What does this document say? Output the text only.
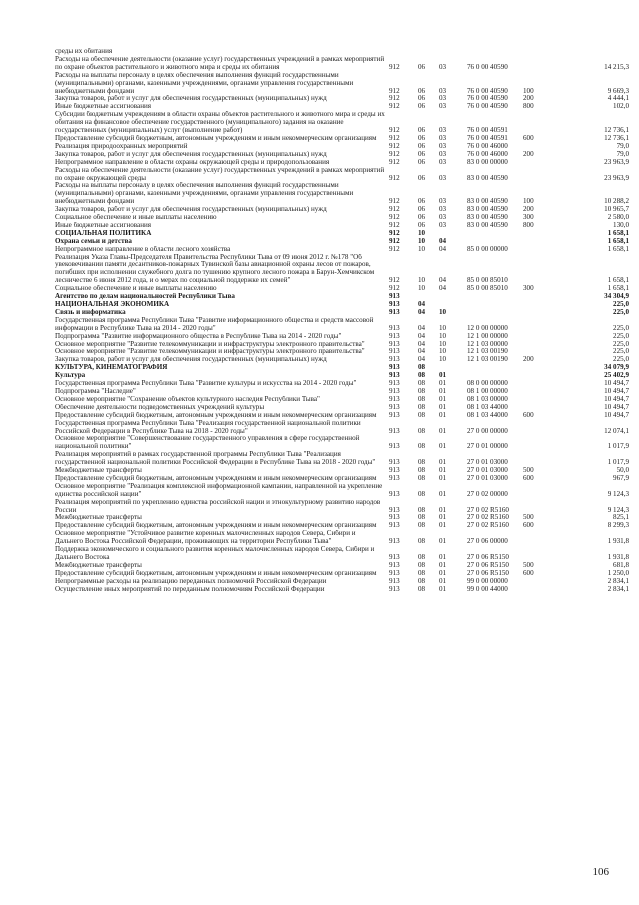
среды их обитания						
Расходы на обеспечение деятельности (оказание услуг) государственных учреждений в рамках мероприятий по охране объектов растительного и животного мира и среды их обитания	912	06	03	76 0 00 40590		14 215,3
Расходы на выплаты персоналу в целях обеспечения выполнения функций государственными (муниципальными) органами, казенными учреждениями, органами управления государственными внебюджетными фондами	912	06	03	76 0 00 40590	100	9 669,3
Закупка товаров, работ и услуг для обеспечения государственных (муниципальных) нужд	912	06	03	76 0 00 40590	200	4 444,1
Иные бюджетные ассигнования	912	06	03	76 0 00 40590	800	102,0
Субсидии бюджетным учреждениям в области охраны объектов растительного и животного мира и среды их обитания на финансовое обеспечение государственного (муниципального) задания на оказание государственных (муниципальных) услуг (выполнение работ)	912	06	03	76 0 00 40591		12 736,1
Предоставление субсидий бюджетным, автономным учреждениям и иным некоммерческим организациям	912	06	03	76 0 00 40591	600	12 736,1
Реализация природоохранных мероприятий	912	06	03	76 0 00 46000		79,0
Закупка товаров, работ и услуг для обеспечения государственных (муниципальных) нужд	912	06	03	76 0 00 46000	200	79,0
Непрограммное направление в области охраны окружающей среды и природопользования	912	06	03	83 0 00 00000		23 963,9
Расходы на обеспечение деятельности (оказание услуг) государственных учреждений в рамках мероприятий по охране окружающей среды	912	06	03	83 0 00 40590		23 963,9
Расходы на выплаты персоналу в целях обеспечения выполнения функций государственными (муниципальными) органами, казенными учреждениями, органами управления государственными внебюджетными фондами	912	06	03	83 0 00 40590	100	10 288,2
Закупка товаров, работ и услуг для обеспечения государственных (муниципальных) нужд	912	06	03	83 0 00 40590	200	10 965,7
Социальное обеспечение и иные выплаты населению	912	06	03	83 0 00 40590	300	2 580,0
Иные бюджетные ассигнования	912	06	03	83 0 00 40590	800	130,0
СОЦИАЛЬНАЯ ПОЛИТИКА	912	10				1 658,1
Охрана семьи и детства	912	10	04			1 658,1
Непрограммное направление в области лесного хозяйства	912	10	04	85 0 00 00000		1 658,1
Реализация Указа Главы-Председателя Правительства Республики Тыва от 09 июня 2012 г. №178 "Об увековечивании памяти десантников-пожарных Тувинской базы авиационной охраны лесов от пожаров, погибших при исполнении служебного долга по тушению крупного лесного пожара в Барун-Хемчикском лесничестве 6 июня 2012 года, и о мерах по социальной поддержке их семей"	912	10	04	85 0 00 85010		1 658,1
Социальное обеспечение и иные выплаты населению	912	10	04	85 0 00 85010	300	1 658,1
Агентство по делам национальностей Республики Тыва	913					34 304,9
НАЦИОНАЛЬНАЯ ЭКОНОМИКА	913	04				225,0
Связь и информатика	913	04	10			225,0
Государственная программа Республики Тыва "Развитие информационного общества и средств массовой информации в Республике Тыва на 2014 - 2020 годы"	913	04	10	12 0 00 00000		225,0
Подпрограмма "Развитие информационного общества в Республике Тыва на 2014 - 2020 годы"	913	04	10	12 1 00 00000		225,0
Основное мероприятие "Развитие телекоммуникации и инфраструктуры электронного правительства"	913	04	10	12 1 03 00000		225,0
Основное мероприятие "Развитие телекоммуникации и инфраструктуры электронного правительства"	913	04	10	12 1 03 00190		225,0
Закупка товаров, работ и услуг для обеспечения государственных (муниципальных) нужд	913	04	10	12 1 03 00190	200	225,0
КУЛЬТУРА, КИНЕМАТОГРАФИЯ	913	08				34 079,9
Культура	913	08	01			25 402,9
Государственная программа Республики Тыва "Развитие культуры и искусства на 2014 - 2020 годы"	913	08	01	08 0 00 00000		10 494,7
Подпрограмма "Наследие"	913	08	01	08 1 00 00000		10 494,7
Основное мероприятие "Сохранение объектов культурного наследия Республики Тыва"	913	08	01	08 1 03 00000		10 494,7
Обеспечение деятельности подведомственных учреждений культуры	913	08	01	08 1 03 44000		10 494,7
Предоставление субсидий бюджетным, автономным учреждениям и иным некоммерческим организациям	913	08	01	08 1 03 44000	600	10 494,7
Государственная программа Республики Тыва "Реализация государственной национальной политики Российской Федерации в Республике Тыва на 2018 - 2020 годы"	913	08	01	27 0 00 00000		12 074,1
Основное мероприятие "Совершенствование государственного управления в сфере государственной национальной политики"	913	08	01	27 0 01 00000		1 017,9
Реализация мероприятий в рамках государственной программы Республики Тыва "Реализация государственной национальной политики Российской Федерации в Республике Тыва на 2018 - 2020 годы"	913	08	01	27 0 01 03000		1 017,9
Межбюджетные трансферты	913	08	01	27 0 01 03000	500	50,0
Предоставление субсидий бюджетным, автономным учреждениям и иным некоммерческим организациям	913	08	01	27 0 01 03000	600	967,9
Основное мероприятие "Реализация комплексной информационной кампании, направленной на укрепление единства российской нации"	913	08	01	27 0 02 00000		9 124,3
Реализация мероприятий по укреплению единства российской нации и этнокультурному развитию народов России	913	08	01	27 0 02 R5160		9 124,3
Межбюджетные трансферты	913	08	01	27 0 02 R5160	500	825,1
Предоставление субсидий бюджетным, автономным учреждениям и иным некоммерческим организациям	913	08	01	27 0 02 R5160	600	8 299,3
Основное мероприятие "Устойчивое развитие коренных малочисленных народов Севера, Сибири и Дальнего Востока Российской Федерации, проживающих на территории Республики Тыва"	913	08	01	27 0 06 00000		1 931,8
Поддержка экономического и социального развития коренных малочисленных народов Севера, Сибири и Дальнего Востока	913	08	01	27 0 06 R5150		1 931,8
Межбюджетные трансферты	913	08	01	27 0 06 R5150	500	681,8
Предоставление субсидий бюджетным, автономным учреждениям и иным некоммерческим организациям	913	08	01	27 0 06 R5150	600	1 250,0
Непрограммные расходы на реализацию переданных полномочий Российской Федерации	913	08	01	99 0 00 00000		2 834,1
Осуществление иных мероприятий по переданным полномочиям Российской Федерации	913	08	01	99 0 00 44000		2 834,1
106
